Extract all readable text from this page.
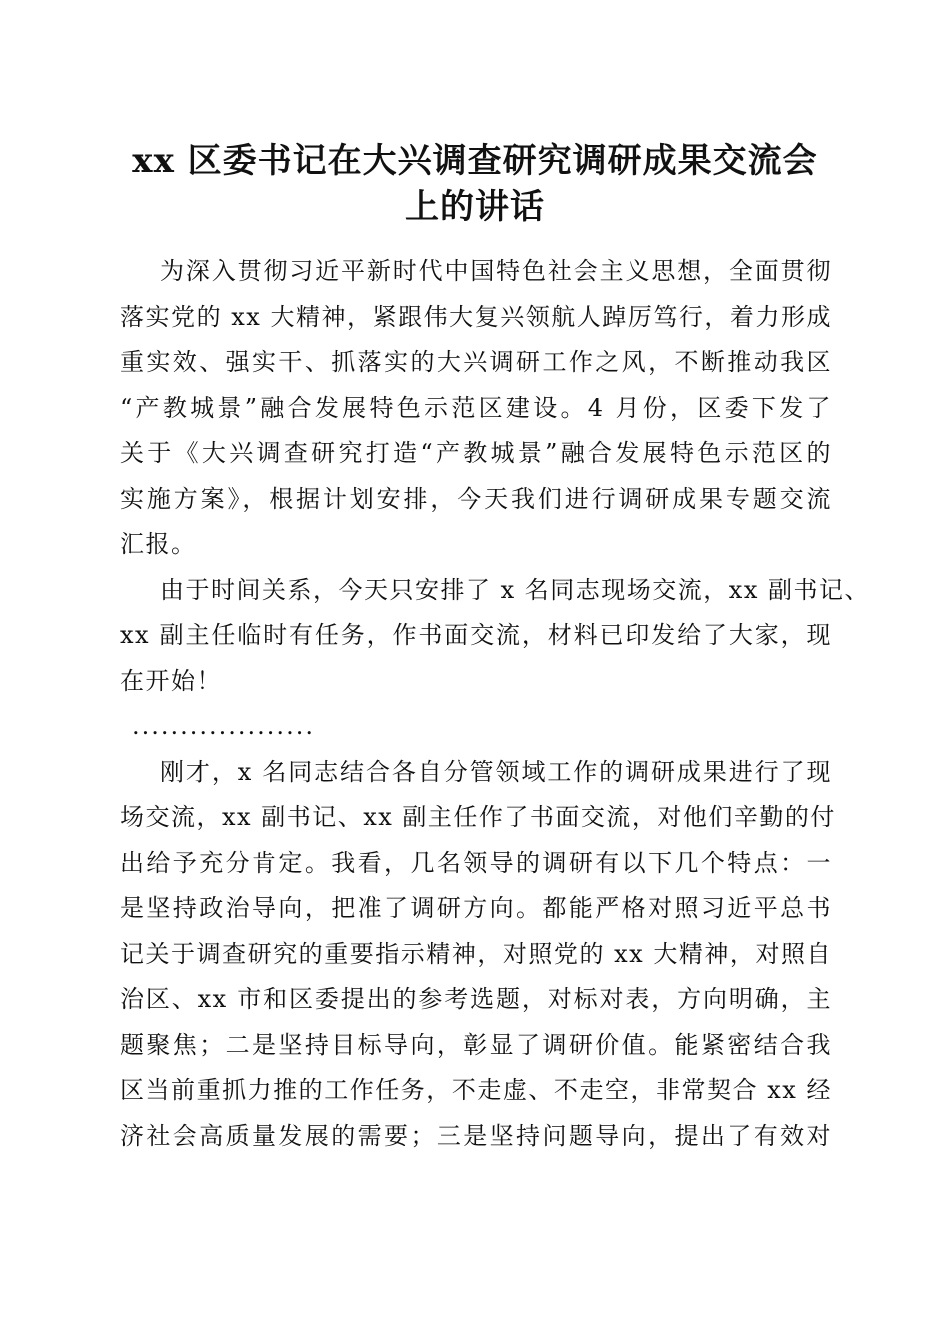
xx 区委书记在大兴调查研究调研成果交流会
上的讲话
为深入贯彻习近平新时代中国特色社会主义思想，全面贯彻
落实党的 xx 大精神，紧跟伟大复兴领航人踔厉笃行，着力形成
重实效、强实干、抓落实的大兴调研工作之风，不断推动我区
“产教城景”融合发展特色示范区建设。4 月份，区委下发了
关于《大兴调查研究打造“产教城景”融合发展特色示范区的
实施方案》，根据计划安排，今天我们进行调研成果专题交流
汇报。
由于时间关系，今天只安排了 x 名同志现场交流，xx 副书记、
xx 副主任临时有任务，作书面交流，材料已印发给了大家，现
在开始！
...................
刚才，x 名同志结合各自分管领域工作的调研成果进行了现
场交流，xx 副书记、xx 副主任作了书面交流，对他们辛勤的付
出给予充分肯定。我看，几名领导的调研有以下几个特点：一
是坚持政治导向，把准了调研方向。都能严格对照习近平总书
记关于调查研究的重要指示精神，对照党的 xx 大精神，对照自
治区、xx 市和区委提出的参考选题，对标对表，方向明确，主
题聚焦；二是坚持目标导向，彰显了调研价值。能紧密结合我
区当前重抓力推的工作任务，不走虚、不走空，非常契合 xx 经
济社会高质量发展的需要；三是坚持问题导向，提出了有效对
